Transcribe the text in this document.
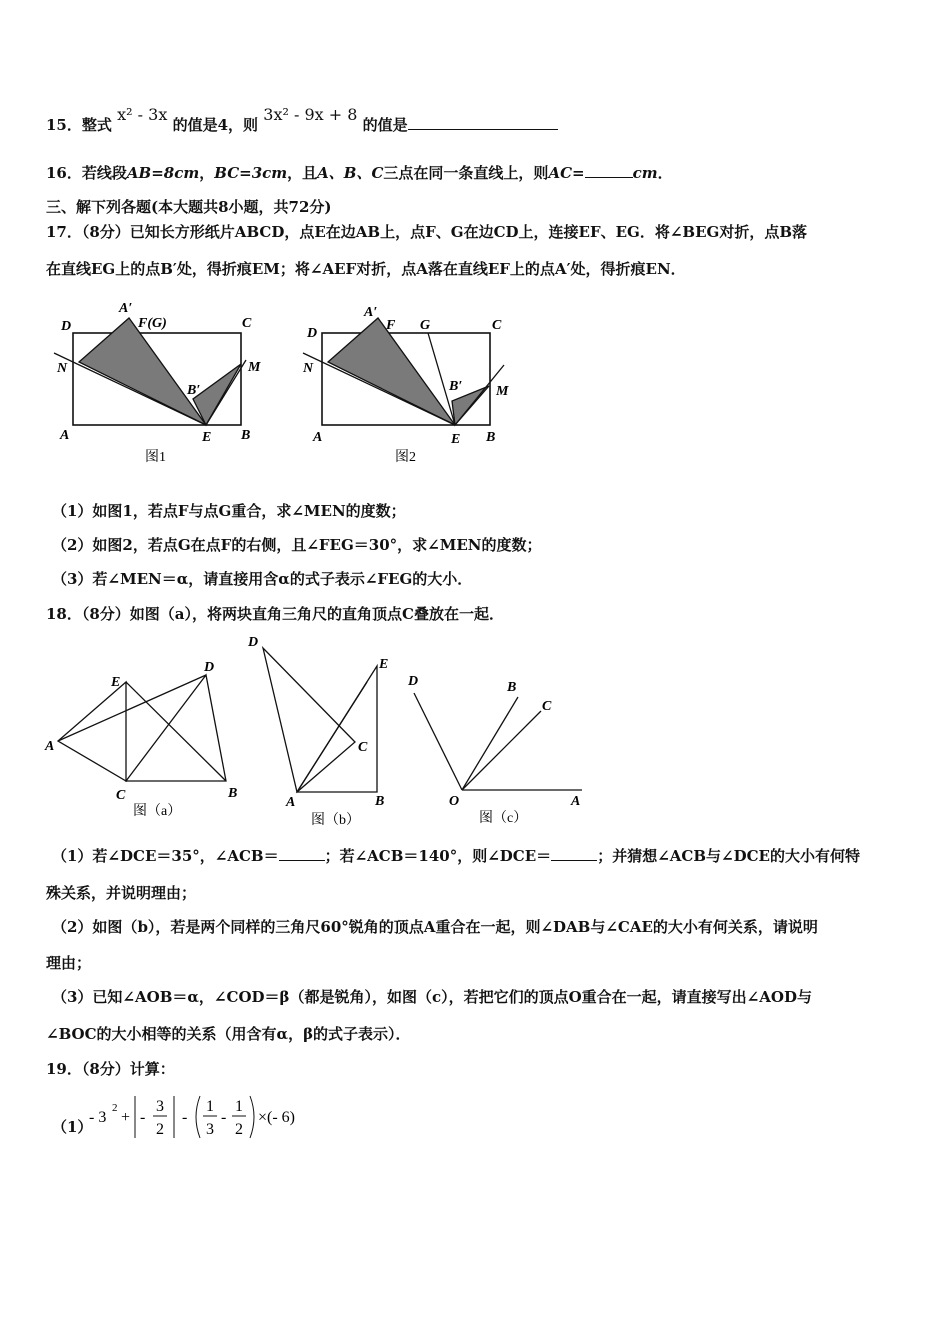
15．整式 x² - 3x 的值是4，则 3x² - 9x + 8 的值是
16．若线段AB=8cm，BC=3cm，且A、B、C三点在同一条直线上，则AC=	cm．
三、解下列各题(本大题共8小题，共72分)
17．（8分）已知长方形纸片ABCD，点E在边AB上，点F、G在边CD上，连接EF、EG．将∠BEG对折，点B落
在直线EG上的点B′处，得折痕EM；将∠AEF对折，点A落在直线EF上的点A′处，得折痕EN．
D
A′
F(G)	C
N	M
B′
A	E B
图1
D
A′
F G	C
N
M
B′
A	E B
图2
（1）如图1，若点F与点G重合，求∠MEN的度数；
（2）如图2，若点G在点F的右侧，且∠FEG＝30°，求∠MEN的度数；
（3）若∠MEN＝α，请直接用含α的式子表示∠FEG的大小．
18．（8分）如图（a），将两块直角三角尺的直角顶点C叠放在一起．
E
D
A
C	B
图（a）
D
E
C
A	B
图（b）
D	B
C
O	A
图（c）
（1）若∠DCE＝35°，∠ACB＝	；若∠ACB＝140°，则∠DCE＝	；并猜想∠ACB与∠DCE的大小有何特
殊关系，并说明理由；
（2）如图（b），若是两个同样的三角尺60°锐角的顶点A重合在一起，则∠DAB与∠CAE的大小有何关系，请说明
理由；
（3）已知∠AOB＝α，∠COD＝β（都是锐角），如图（c），若把它们的顶点O重合在一起，请直接写出∠AOD与
∠BOC的大小相等的关系（用含有α，β的式子表示）．
19．（8分）计算：
（1）
- 3
2
+ -
3
2
-
1
3
-
1
2
×(- 6)
